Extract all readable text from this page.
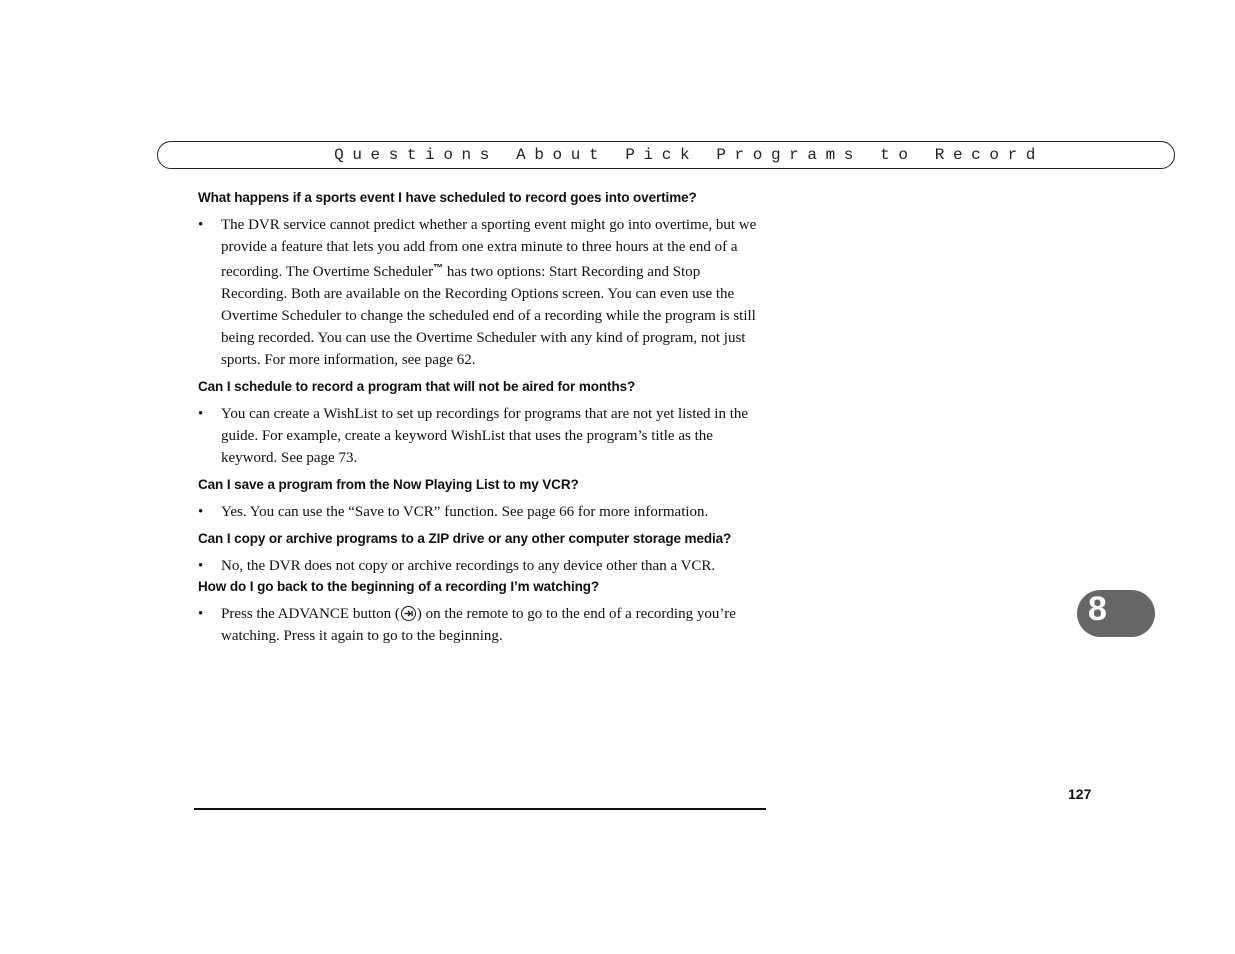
Questions About Pick Programs to Record

What happens if a sports event I have scheduled to record goes into overtime?

• The DVR service cannot predict whether a sporting event might go into overtime, but we provide a feature that lets you add from one extra minute to three hours at the end of a recording. The Overtime Scheduler™ has two options: Start Recording and Stop Recording. Both are available on the Recording Options screen. You can even use the Overtime Scheduler to change the scheduled end of a recording while the program is still being recorded. You can use the Overtime Scheduler with any kind of program, not just sports. For more information, see page 62.

Can I schedule to record a program that will not be aired for months?

• You can create a WishList to set up recordings for programs that are not yet listed in the guide. For example, create a keyword WishList that uses the program’s title as the keyword. See page 73.

Can I save a program from the Now Playing List to my VCR?

• Yes. You can use the “Save to VCR” function. See page 66 for more information.

Can I copy or archive programs to a ZIP drive or any other computer storage media?

• No, the DVR does not copy or archive recordings to any device other than a VCR.

How do I go back to the beginning of a recording I’m watching?

• Press the ADVANCE button ( ) on the remote to go to the end of a recording you’re watching. Press it again to go to the beginning.

8
127
